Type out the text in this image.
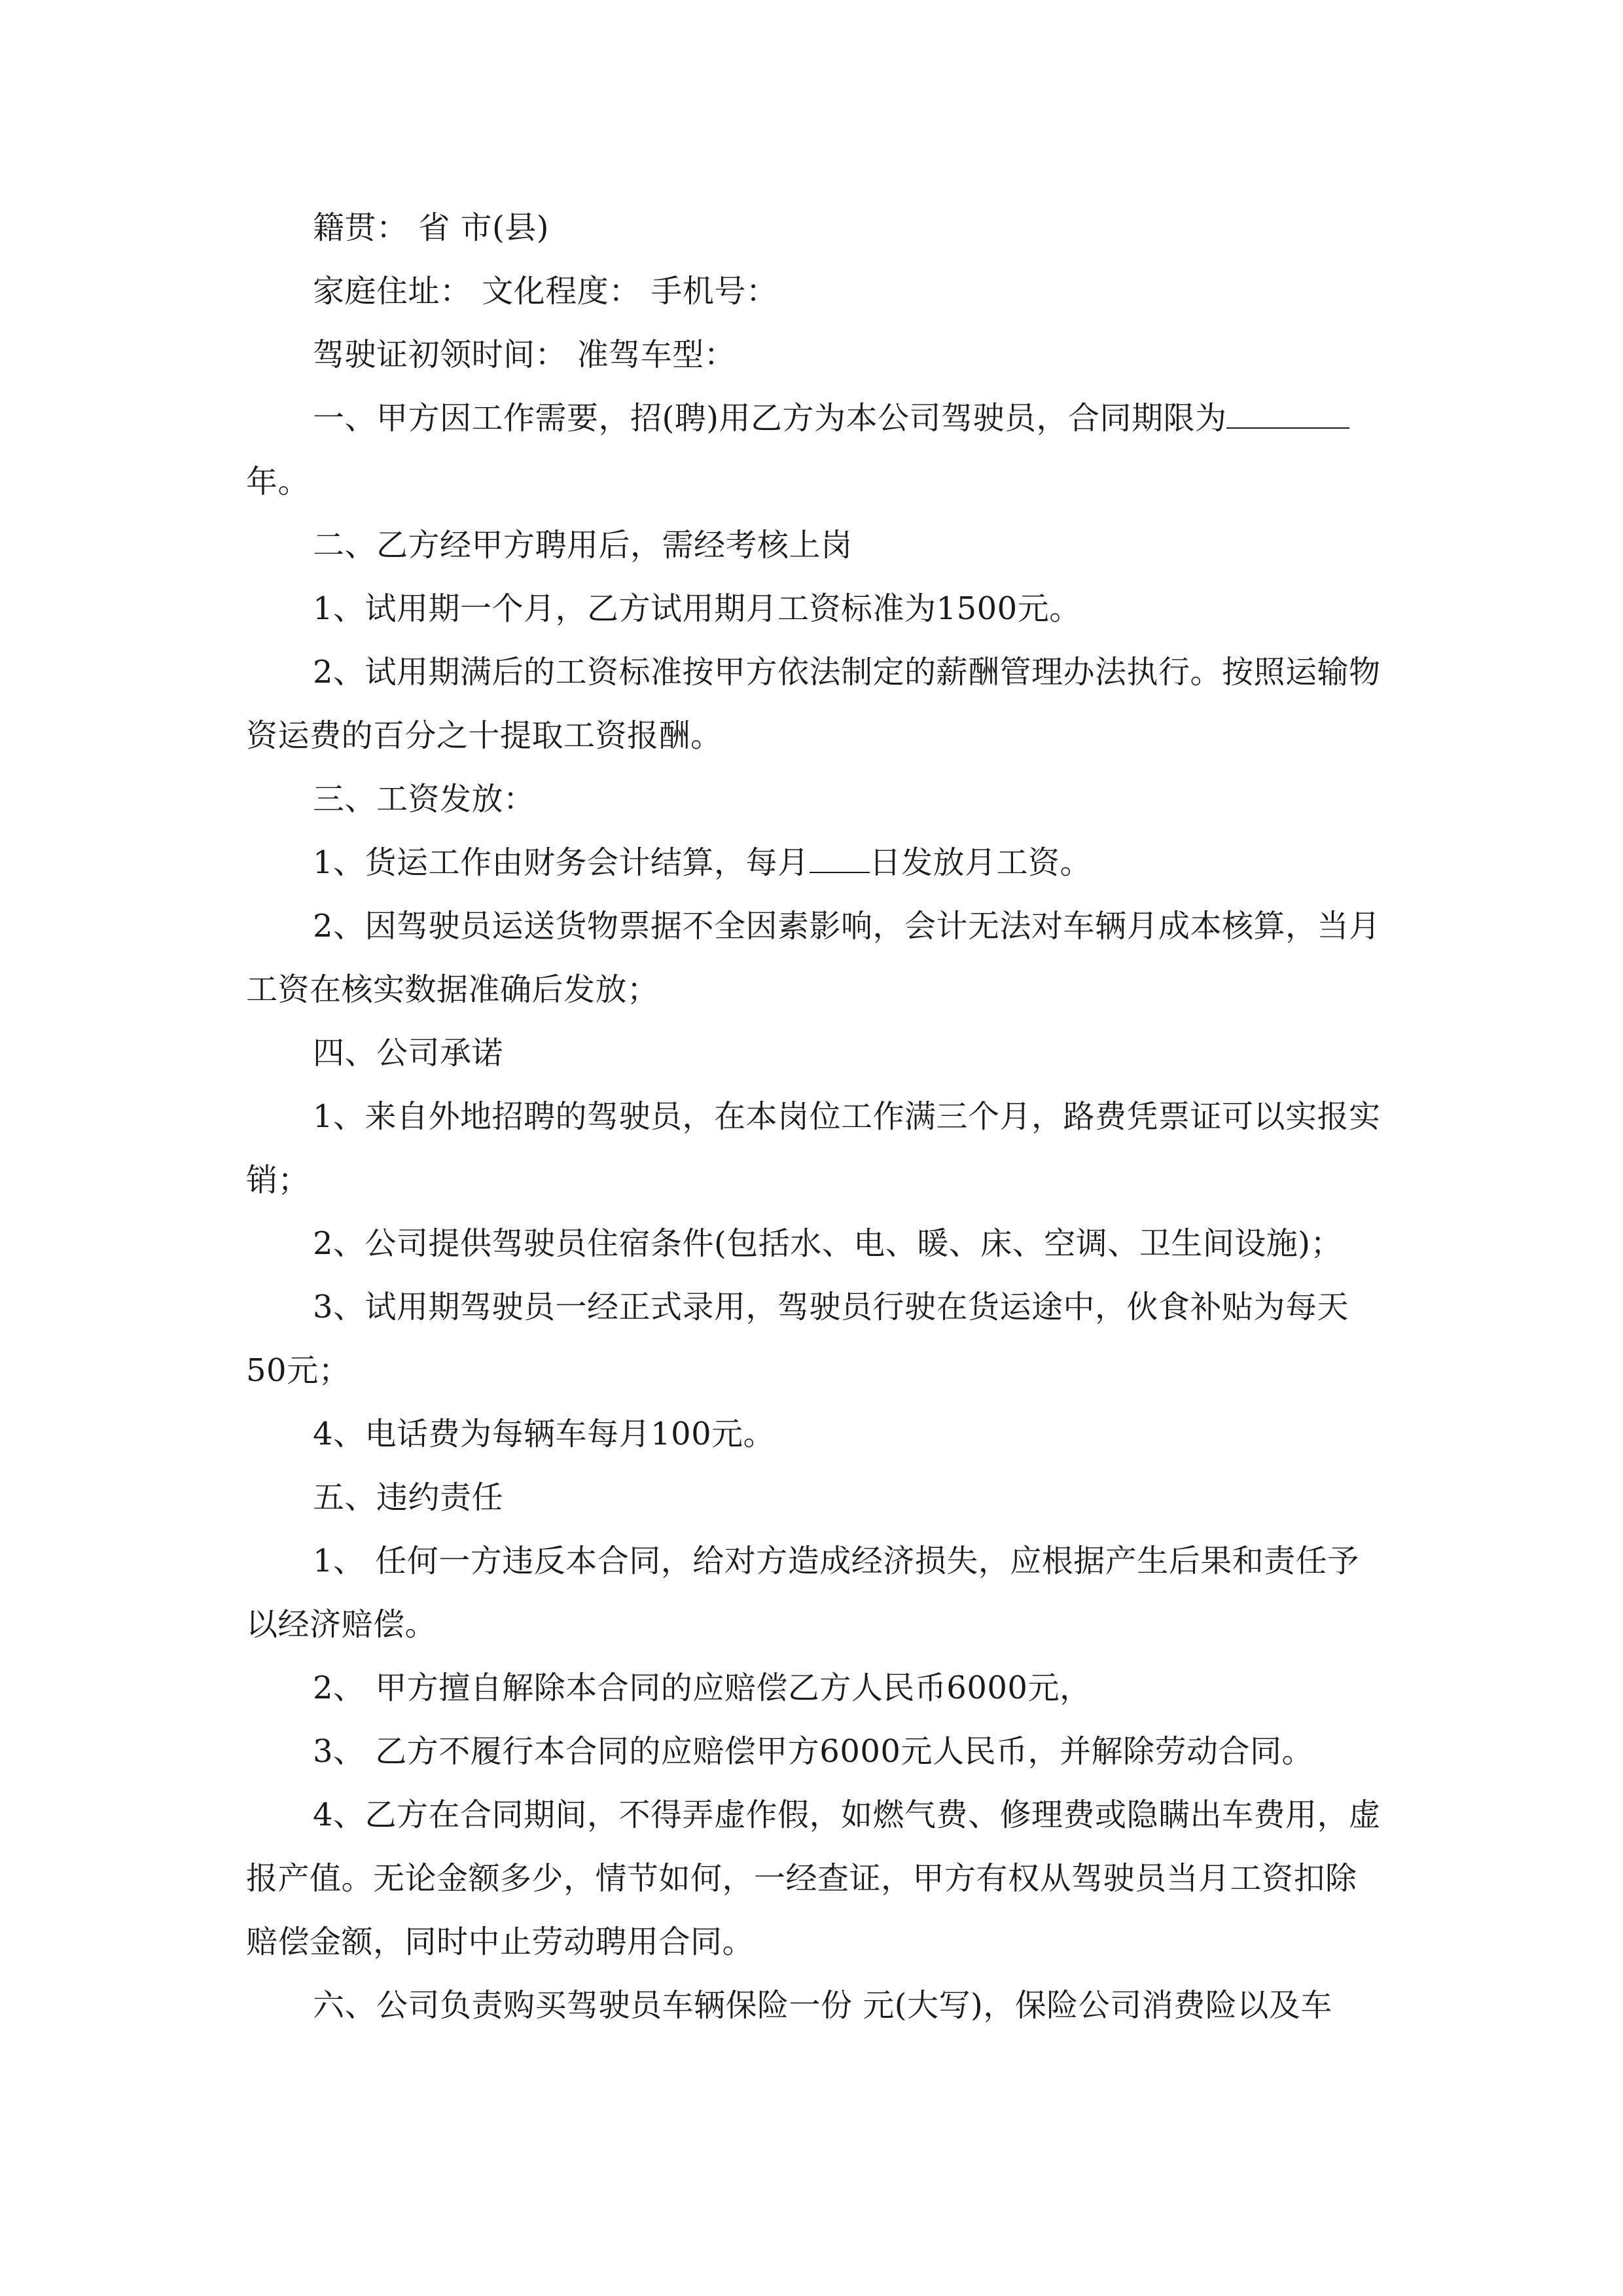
籍贯： 省 市(县)

家庭住址： 文化程度： 手机号：

驾驶证初领时间： 准驾车型：

一、甲方因工作需要，招(聘)用乙方为本公司驾驶员，合同期限为

年。

二、乙方经甲方聘用后，需经考核上岗

1、试用期一个月，乙方试用期月工资标准为1500元。

2、试用期满后的工资标准按甲方依法制定的薪酬管理办法执行。按照运输物资运费的百分之十提取工资报酬。

三、工资发放：

1、货运工作由财务会计结算，每月 日发放月工资。

2、因驾驶员运送货物票据不全因素影响，会计无法对车辆月成本核算，当月工资在核实数据准确后发放；

四、公司承诺

1、来自外地招聘的驾驶员，在本岗位工作满三个月，路费凭票证可以实报实销；

2、公司提供驾驶员住宿条件(包括水、电、暖、床、空调、卫生间设施)；

3、试用期驾驶员一经正式录用，驾驶员行驶在货运途中，伙食补贴为每天50元；

4、电话费为每辆车每月100元。

五、违约责任

1、 任何一方违反本合同，给对方造成经济损失，应根据产生后果和责任予以经济赔偿。

2、 甲方擅自解除本合同的应赔偿乙方人民币6000元，

3、 乙方不履行本合同的应赔偿甲方6000元人民币，并解除劳动合同。

4、乙方在合同期间，不得弄虚作假，如燃气费、修理费或隐瞒出车费用，虚报产值。无论金额多少，情节如何，一经查证，甲方有权从驾驶员当月工资扣除赔偿金额，同时中止劳动聘用合同。

六、公司负责购买驾驶员车辆保险一份 元(大写)，保险公司消费险以及车
